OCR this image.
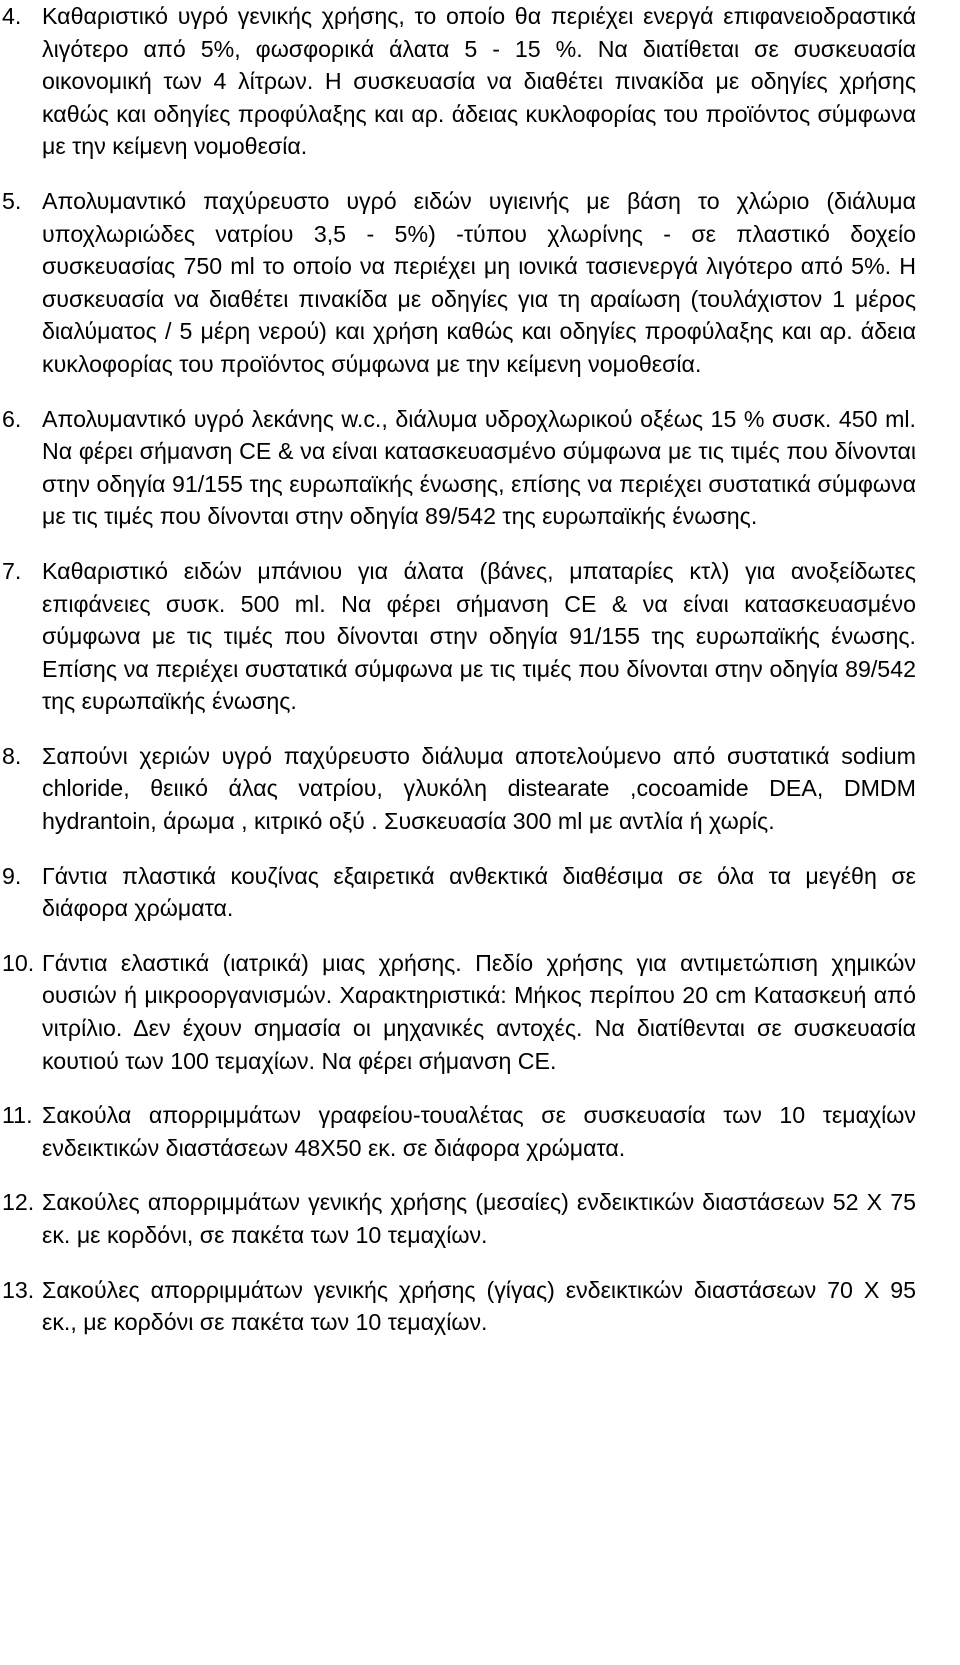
4. Καθαριστικό υγρό γενικής χρήσης, το οποίο θα περιέχει ενεργά επιφανειοδραστικά λιγότερο από 5%, φωσφορικά άλατα 5 - 15 %. Να διατίθεται σε συσκευασία οικονομική των 4 λίτρων. Η συσκευασία να διαθέτει πινακίδα με οδηγίες χρήσης καθώς και οδηγίες προφύλαξης και αρ. άδειας κυκλοφορίας του προϊόντος σύμφωνα με την κείμενη νομοθεσία.
5. Απολυμαντικό παχύρευστο υγρό ειδών υγιεινής με βάση το χλώριο (διάλυμα υποχλωριώδες νατρίου 3,5 - 5%) -τύπου χλωρίνης - σε πλαστικό δοχείο συσκευασίας 750 ml το οποίο να περιέχει μη ιονικά τασιενεργά λιγότερο από 5%. Η συσκευασία να διαθέτει πινακίδα με οδηγίες για τη αραίωση (τουλάχιστον 1 μέρος διαλύματος / 5 μέρη νερού) και χρήση καθώς και οδηγίες προφύλαξης και αρ. άδεια κυκλοφορίας του προϊόντος σύμφωνα με την κείμενη νομοθεσία.
6. Απολυμαντικό υγρό λεκάνης w.c., διάλυμα υδροχλωρικού οξέως 15 % συσκ. 450 ml. Να φέρει σήμανση CE & να είναι κατασκευασμένο σύμφωνα με τις τιμές που δίνονται στην οδηγία 91/155 της ευρωπαϊκής ένωσης, επίσης να περιέχει συστατικά σύμφωνα με τις τιμές που δίνονται στην οδηγία 89/542 της ευρωπαϊκής ένωσης.
7. Καθαριστικό ειδών μπάνιου για άλατα (βάνες, μπαταρίες κτλ) για ανοξείδωτες επιφάνειες συσκ. 500 ml. Να φέρει σήμανση CE & να είναι κατασκευασμένο σύμφωνα με τις τιμές που δίνονται στην οδηγία 91/155 της ευρωπαϊκής ένωσης. Επίσης να περιέχει συστατικά σύμφωνα με τις τιμές που δίνονται στην οδηγία 89/542 της ευρωπαϊκής ένωσης.
8. Σαπούνι χεριών υγρό παχύρευστο διάλυμα αποτελούμενο από συστατικά sodium chloride, θειικό άλας νατρίου, γλυκόλη distearate ,cocoamide DEA, DMDM hydrantoin, άρωμα , κιτρικό οξύ . Συσκευασία 300 ml με αντλία ή χωρίς.
9. Γάντια πλαστικά κουζίνας εξαιρετικά ανθεκτικά διαθέσιμα σε όλα τα μεγέθη σε διάφορα χρώματα.
10. Γάντια ελαστικά (ιατρικά) μιας χρήσης. Πεδίο χρήσης για αντιμετώπιση χημικών ουσιών ή μικροοργανισμών. Χαρακτηριστικά: Μήκος περίπου 20 cm Κατασκευή από νιτρίλιο. Δεν έχουν σημασία οι μηχανικές αντοχές. Να διατίθενται σε συσκευασία κουτιού των 100 τεμαχίων. Να φέρει σήμανση CE.
11. Σακούλα απορριμμάτων γραφείου-τουαλέτας σε συσκευασία των 10 τεμαχίων ενδεικτικών διαστάσεων 48Χ50 εκ. σε διάφορα χρώματα.
12. Σακούλες απορριμμάτων γενικής χρήσης (μεσαίες) ενδεικτικών διαστάσεων 52 Χ 75 εκ. με κορδόνι, σε πακέτα των 10 τεμαχίων.
13. Σακούλες απορριμμάτων γενικής χρήσης (γίγας) ενδεικτικών διαστάσεων 70 Χ 95 εκ., με κορδόνι σε πακέτα των 10 τεμαχίων.
